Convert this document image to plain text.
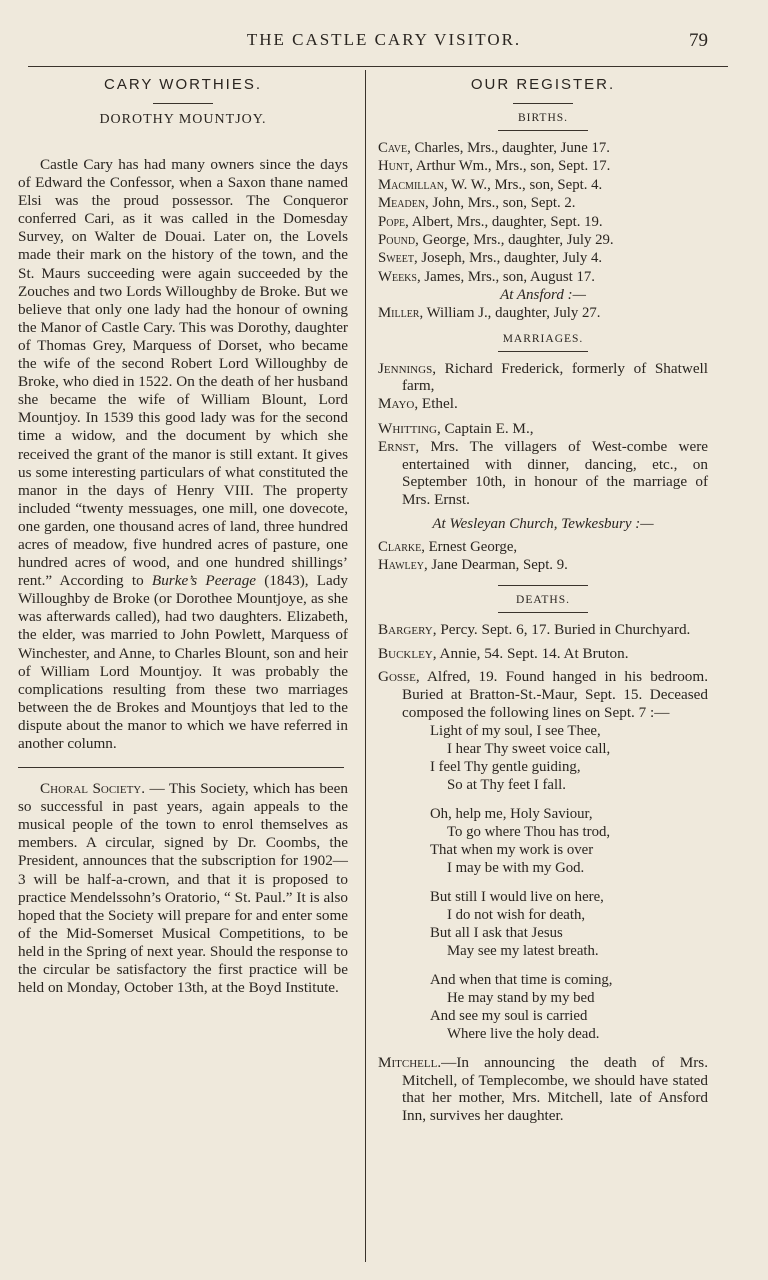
THE CASTLE CARY VISITOR.	79
CARY WORTHIES.
DOROTHY MOUNTJOY.

Castle Cary has had many owners since the days of Edward the Confessor, when a Saxon thane named Elsi was the proud possessor. The Conqueror conferred Cari, as it was called in the Domesday Survey, on Walter de Douai. Later on, the Lovels made their mark on the history of the town, and the St. Maurs succeeding were again succeeded by the Zouches and two Lords Willoughby de Broke. But we believe that only one lady had the honour of owning the Manor of Castle Cary. This was Dorothy, daughter of Thomas Grey, Marquess of Dorset, who became the wife of the second Robert Lord Willoughby de Broke, who died in 1522. On the death of her husband she became the wife of William Blount, Lord Mountjoy. In 1539 this good lady was for the second time a widow, and the document by which she received the grant of the manor is still extant. It gives us some interesting particulars of what constituted the manor in the days of Henry VIII. The property included “twenty messuages, one mill, one dovecote, one garden, one thousand acres of land, three hundred acres of meadow, five hundred acres of pasture, one hundred acres of wood, and one hundred shillings’ rent.” According to Burke’s Peerage (1843), Lady Willoughby de Broke (or Dorothee Mountjoye, as she was afterwards called), had two daughters. Elizabeth, the elder, was married to John Powlett, Marquess of Winchester, and Anne, to Charles Blount, son and heir of William Lord Mountjoy. It was probably the complications resulting from these two marriages between the de Brokes and Mountjoys that led to the dispute about the manor to which we have referred in another column.

Choral Society. — This Society, which has been so successful in past years, again appeals to the musical people of the town to enrol themselves as members. A circular, signed by Dr. Coombs, the President, announces that the subscription for 1902—3 will be half-a-crown, and that it is proposed to practice Mendelssohn’s Oratorio, “ St. Paul.” It is also hoped that the Society will prepare for and enter some of the Mid-Somerset Musical Competitions, to be held in the Spring of next year. Should the response to the circular be satisfactory the first practice will be held on Monday, October 13th, at the Boyd Institute.

OUR REGISTER.
BIRTHS.
Cave, Charles, Mrs., daughter, June 17.
Hunt, Arthur Wm., Mrs., son, Sept. 17.
Macmillan, W. W., Mrs., son, Sept. 4.
Meaden, John, Mrs., son, Sept. 2.
Pope, Albert, Mrs., daughter, Sept. 19.
Pound, George, Mrs., daughter, July 29.
Sweet, Joseph, Mrs., daughter, July 4.
Weeks, James, Mrs., son, August 17.
At Ansford :—
Miller, William J., daughter, July 27.
MARRIAGES.

Jennings, Richard Frederick, formerly of Shatwell farm,

Mayo, Ethel.

Whitting, Captain E. M.,

Ernst, Mrs. The villagers of West-combe were entertained with dinner, dancing, etc., on September 10th, in honour of the marriage of Mrs. Ernst.

At Wesleyan Church, Tewkesbury :—
Clarke, Ernest George,
Hawley, Jane Dearman, Sept. 9.
DEATHS.

Bargery, Percy. Sept. 6, 17. Buried in Churchyard.

Buckley, Annie, 54. Sept. 14. At Bruton.

Gosse, Alfred, 19. Found hanged in his bedroom. Buried at Bratton-St.-Maur, Sept. 15. Deceased composed the following lines on Sept. 7 :—

Light of my soul, I see Thee,
I hear Thy sweet voice call,
I feel Thy gentle guiding,
So at Thy feet I fall.
Oh, help me, Holy Saviour,
To go where Thou has trod,
That when my work is over
I may be with my God.
But still I would live on here,
I do not wish for death,
But all I ask that Jesus
May see my latest breath.
And when that time is coming,
He may stand by my bed
And see my soul is carried
Where live the holy dead.

Mitchell.—In announcing the death of Mrs. Mitchell, of Templecombe, we should have stated that her mother, Mrs. Mitchell, late of Ansford Inn, survives her daughter.
